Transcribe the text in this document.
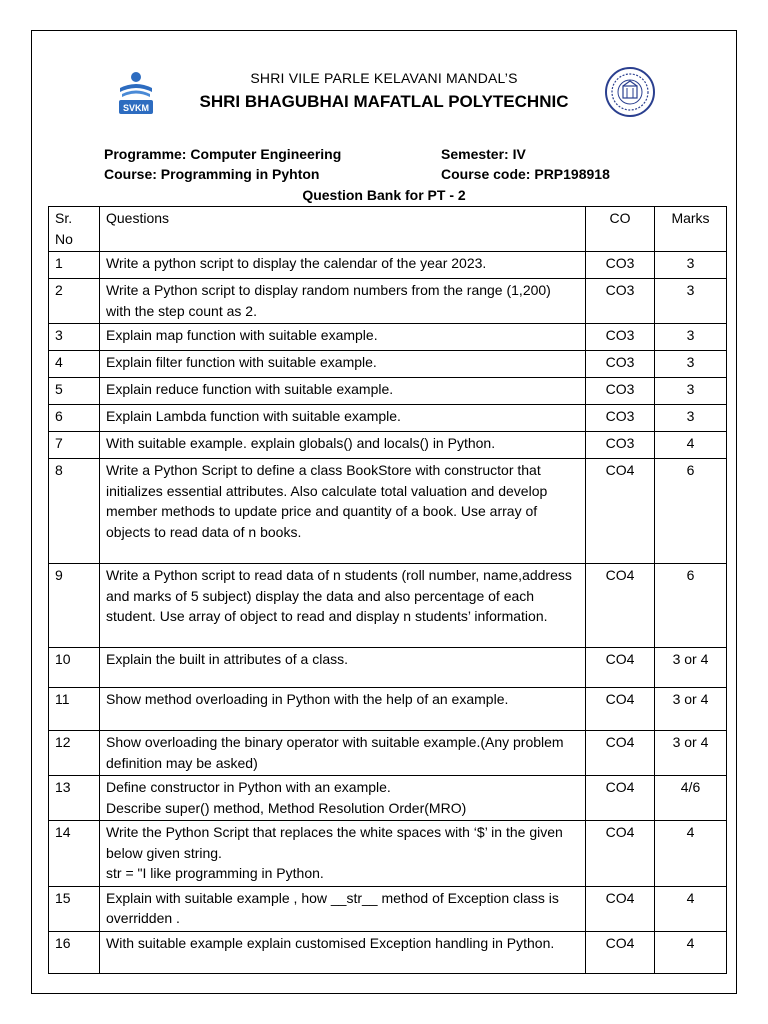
SVKM
SHRI VILE PARLE KELAVANI MANDAL’S
SHRI BHAGUBHAI MAFATLAL POLYTECHNIC
Programme: Computer Engineering	Semester: IV
Course: Programming in Pyhton	Course code: PRP198918
Question Bank for PT - 2
Sr. No	Questions	CO	Marks
1	Write a python script to display the calendar of the year 2023.	CO3	3
2	Write a Python script to display random numbers from the range (1,200) with the step count as 2.	CO3	3
3	Explain map function with suitable example.	CO3	3
4	Explain filter function with suitable example.	CO3	3
5	Explain reduce function with suitable example.	CO3	3
6	Explain Lambda function with suitable example.	CO3	3
7	With suitable example. explain globals() and locals() in Python.	CO3	4
8	Write a Python Script to define a class BookStore with constructor that initializes essential attributes. Also calculate total valuation and develop member methods to update price and quantity of a book. Use array of objects to read data of n books.	CO4	6
9	Write a Python script to read data of n students (roll number, name,address and marks of 5 subject) display the data and also percentage of each student. Use array of object to read and display n students’ information.	CO4	6
10	Explain the built in attributes of a class.	CO4	3 or 4
11	Show method overloading in Python with the help of an example.	CO4	3 or 4
12	Show overloading the binary operator with suitable example.(Any problem definition may be asked)	CO4	3 or 4
13	Define constructor in Python with an example.
Describe super() method, Method Resolution Order(MRO)	CO4	4/6
14	Write the Python Script that replaces the white spaces with ‘$’ in the given below given string.
str = "I like programming in Python.	CO4	4
15	Explain with suitable example , how __str__ method of Exception class is overridden .	CO4	4
16	With suitable example explain customised Exception handling in Python.	CO4	4
